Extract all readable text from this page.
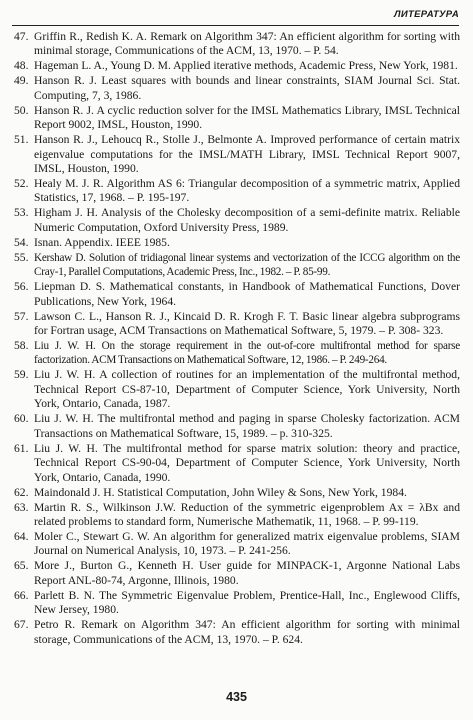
ЛИТЕРАТУРА
47. Griffin R., Redish K. A. Remark on Algorithm 347: An efficient algorithm for sorting with minimal storage, Communications of the ACM, 13, 1970. – P. 54.
48. Hageman L. A., Young D. M. Applied iterative methods, Academic Press, New York, 1981.
49. Hanson R. J. Least squares with bounds and linear constraints, SIAM Journal Sci. Stat. Computing, 7, 3, 1986.
50. Hanson R. J. A cyclic reduction solver for the IMSL Mathematics Library, IMSL Technical Report 9002, IMSL, Houston, 1990.
51. Hanson R. J., Lehoucq R., Stolle J., Belmonte A. Improved performance of certain matrix eigenvalue computations for the IMSL/MATH Library, IMSL Technical Report 9007, IMSL, Houston, 1990.
52. Healy M. J. R. Algorithm AS 6: Triangular decomposition of a symmetric matrix, Applied Statistics, 17, 1968. – P. 195-197.
53. Higham J. H. Analysis of the Cholesky decomposition of a semi-definite matrix. Reliable Numeric Computation, Oxford University Press, 1989.
54. Isnan. Appendix. IEEE 1985.
55. Kershaw D. Solution of tridiagonal linear systems and vectorization of the ICCG algorithm on the Cray-1, Parallel Computations, Academic Press, Inc., 1982. – P. 85-99.
56. Liepman D. S. Mathematical constants, in Handbook of Mathematical Functions, Dover Publications, New York, 1964.
57. Lawson C. L., Hanson R. J., Kincaid D. R. Krogh F. T. Basic linear algebra subprograms for Fortran usage, ACM Transactions on Mathematical Software, 5, 1979. – P. 308- 323.
58. Liu J. W. H. On the storage requirement in the out-of-core multifrontal method for sparse factorization. ACM Transactions on Mathematical Software, 12, 1986. – P. 249-264.
59. Liu J. W. H. A collection of routines for an implementation of the multifrontal method, Technical Report CS-87-10, Department of Computer Science, York University, North York, Ontario, Canada, 1987.
60. Liu J. W. H. The multifrontal method and paging in sparse Cholesky factorization. ACM Transactions on Mathematical Software, 15, 1989. – p. 310-325.
61. Liu J. W. H. The multifrontal method for sparse matrix solution: theory and practice, Technical Report CS-90-04, Department of Computer Science, York University, North York, Ontario, Canada, 1990.
62. Maindonald J. H. Statistical Computation, John Wiley & Sons, New York, 1984.
63. Martin R. S., Wilkinson J.W. Reduction of the symmetric eigenproblem Ax = λBx and related problems to standard form, Numerische Mathematik, 11, 1968. – P. 99-119.
64. Moler C., Stewart G. W. An algorithm for generalized matrix eigenvalue problems, SIAM Journal on Numerical Analysis, 10, 1973. – P. 241-256.
65. More J., Burton G., Kenneth H. User guide for MINPACK-1, Argonne National Labs Report ANL-80-74, Argonne, Illinois, 1980.
66. Parlett B. N. The Symmetric Eigenvalue Problem, Prentice-Hall, Inc., Englewood Cliffs, New Jersey, 1980.
67. Petro R. Remark on Algorithm 347: An efficient algorithm for sorting with minimal storage, Communications of the ACM, 13, 1970. – P. 624.
435
